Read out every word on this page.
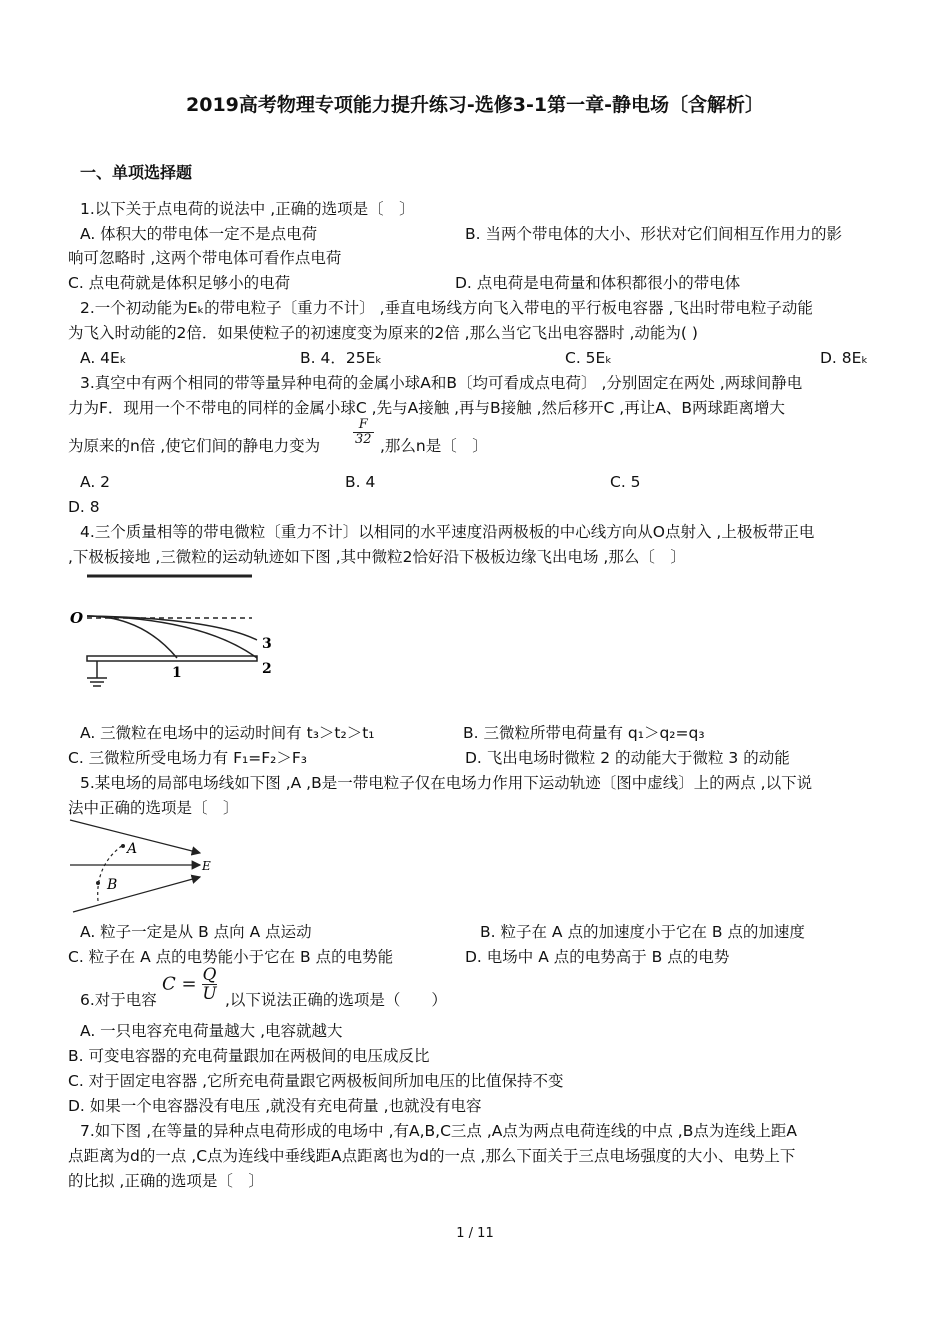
2019高考物理专项能力提升练习-选修3-1第一章-静电场〔含解析〕
一、单项选择题
1.以下关于点电荷的说法中 ,正确的选项是〔　〕
A. 体积大的带电体一定不是点电荷	B. 当两个带电体的大小、形状对它们间相互作用力的影
响可忽略时 ,这两个带电体可看作点电荷
C. 点电荷就是体积足够小的电荷	D. 点电荷是电荷量和体积都很小的带电体
2.一个初动能为Eₖ的带电粒子〔重力不计〕 ,垂直电场线方向飞入带电的平行板电容器 ,飞出时带电粒子动能
为飞入时动能的2倍．如果使粒子的初速度变为原来的2倍 ,那么当它飞出电容器时 ,动能为( )
A. 4Eₖ	B. 4．25Eₖ	C. 5Eₖ	D. 8Eₖ
3.真空中有两个相同的带等量异种电荷的金属小球A和B〔均可看成点电荷〕 ,分别固定在两处 ,两球间静电
力为F．现用一个不带电的同样的金属小球C ,先与A接触 ,再与B接触 ,然后移开C ,再让A、B两球距离增大
为原来的n倍 ,使它们间的静电力变为	$\frac{F}{32}$ ,那么n是〔　〕
A. 2	B. 4	C. 5
D. 8
4.三个质量相等的带电微粒〔重力不计〕以相同的水平速度沿两极板的中心线方向从O点射入 ,上极板带正电
,下极板接地 ,三微粒的运动轨迹如下图 ,其中微粒2恰好沿下极板边缘飞出电场 ,那么〔　〕
O
1	2
3
A. 三微粒在电场中的运动时间有 t₃＞t₂＞t₁	B. 三微粒所带电荷量有 q₁＞q₂=q₃
C. 三微粒所受电场力有 F₁=F₂＞F₃	D. 飞出电场时微粒 2 的动能大于微粒 3 的动能
5.某电场的局部电场线如下图 ,A ,B是一带电粒子仅在电场力作用下运动轨迹〔图中虚线〕上的两点 ,以下说
法中正确的选项是〔　〕
A
B
E
A. 粒子一定是从 B 点向 A 点运动	B. 粒子在 A 点的加速度小于它在 B 点的加速度
C. 粒子在 A 点的电势能小于它在 B 点的电势能	D. 电场中 A 点的电势高于 B 点的电势
6.对于电容
$C = \frac{Q}{U}$ ,以下说法正确的选项是（　　）
A. 一只电容充电荷量越大 ,电容就越大
B. 可变电容器的充电荷量跟加在两极间的电压成反比
C. 对于固定电容器 ,它所充电荷量跟它两极板间所加电压的比值保持不变
D. 如果一个电容器没有电压 ,就没有充电荷量 ,也就没有电容
7.如下图 ,在等量的异种点电荷形成的电场中 ,有A,B,C三点 ,A点为两点电荷连线的中点 ,B点为连线上距A
点距离为d的一点 ,C点为连线中垂线距A点距离也为d的一点 ,那么下面关于三点电场强度的大小、电势上下
的比拟 ,正确的选项是〔　〕
1 / 11
